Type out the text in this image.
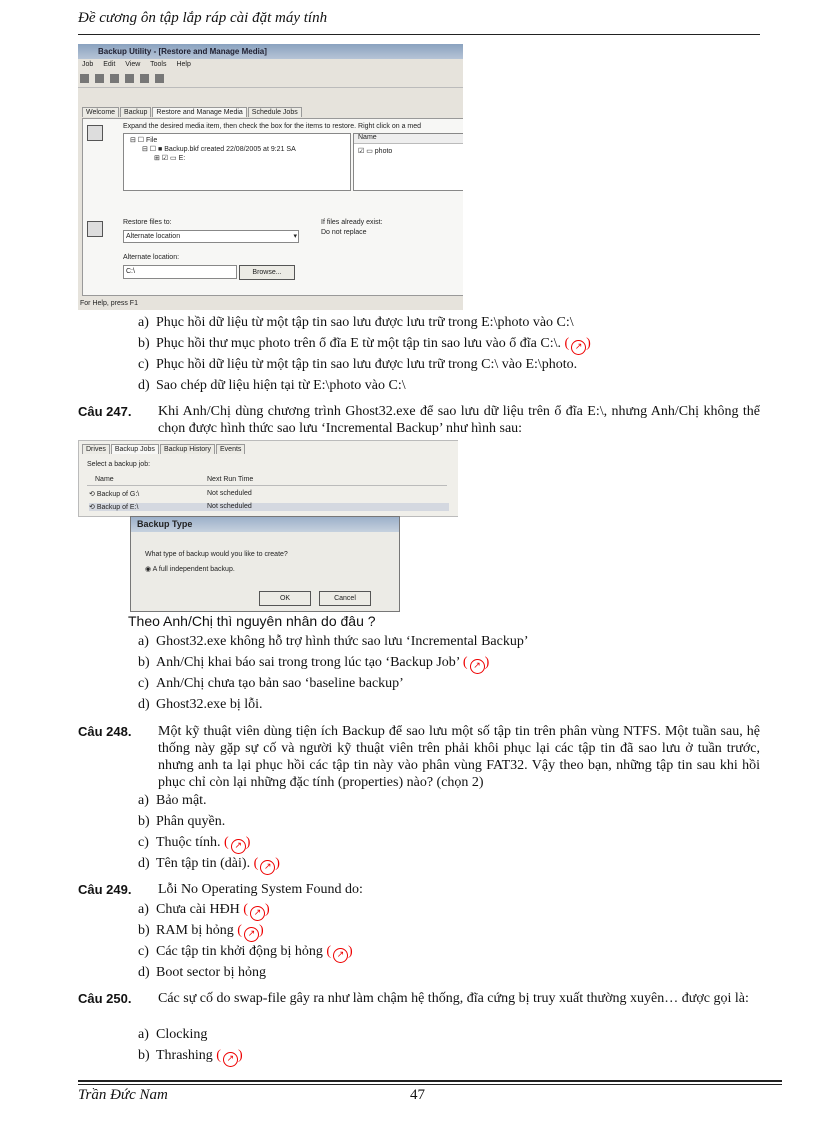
Đề cương ôn tập lắp ráp cài đặt máy tính
Backup Utility - [Restore and Manage Media]
Job Edit View Tools Help

Welcome Backup Restore and Manage Media Schedule Jobs
Expand the desired media item, then check the box for the items to restore. Right click on a med
⊟ ☐ File
⊟ ☐ ■ Backup.bkf created 22/08/2005 at 9:21 SA
⊞ ☑ ▭ E:
Name
☑ ▭ photo
Restore files to:
Alternate location	▾
If files already exist:
Do not replace
Alternate location:
C:\	Browse...
For Help, press F1
a) Phục hồi dữ liệu từ một tập tin sao lưu được lưu trữ trong E:\photo vào C:\
b) Phục hồi thư mục photo trên ổ đĩa E từ một tập tin sao lưu vào ổ đĩa C:\. ( ↗ )
c) Phục hồi dữ liệu từ một tập tin sao lưu được lưu trữ trong C:\ vào E:\photo.
d) Sao chép dữ liệu hiện tại từ E:\photo vào C:\
Câu 247. Khi Anh/Chị dùng chương trình Ghost32.exe để sao lưu dữ liệu trên ổ đĩa E:\, nhưng Anh/Chị không thể chọn được hình thức sao lưu ‘Incremental Backup’ như hình sau:
Drives Backup Jobs Backup History Events
Select a backup job:
Name	Next Run Time
⟲ Backup of G:\	Not scheduled
⟲ Backup of E:\	Not scheduled
Backup Type
What type of backup would you like to create?
◉ A full independent backup.
OK	Cancel
Theo Anh/Chị thì nguyên nhân do đâu ?
a) Ghost32.exe không hỗ trợ hình thức sao lưu ‘Incremental Backup’
b) Anh/Chị khai báo sai trong trong lúc tạo ‘Backup Job’ ( ↗ )
c) Anh/Chị chưa tạo bản sao ‘baseline backup’
d) Ghost32.exe bị lỗi.
Câu 248. Một kỹ thuật viên dùng tiện ích Backup để sao lưu một số tập tin trên phân vùng NTFS. Một tuần sau, hệ thống này gặp sự cố và người kỹ thuật viên trên phải khôi phục lại các tập tin đã sao lưu ở tuần trước, nhưng anh ta lại phục hồi các tập tin này vào phân vùng FAT32. Vậy theo bạn, những tập tin sau khi hồi phục chỉ còn lại những đặc tính (properties) nào? (chọn 2)
a) Bảo mật.
b) Phân quyền.
c) Thuộc tính. ( ↗ )
d) Tên tập tin (dài). ( ↗ )
Câu 249. Lỗi No Operating System Found do:
a) Chưa cài HĐH ( ↗ )
b) RAM bị hỏng ( ↗ )
c) Các tập tin khởi động bị hỏng ( ↗ )
d) Boot sector bị hỏng
Câu 250. Các sự cố do swap-file gây ra như làm chậm hệ thống, đĩa cứng bị truy xuất thường xuyên… được gọi là:
a) Clocking
b) Thrashing ( ↗ )
Trần Đức Nam	47
